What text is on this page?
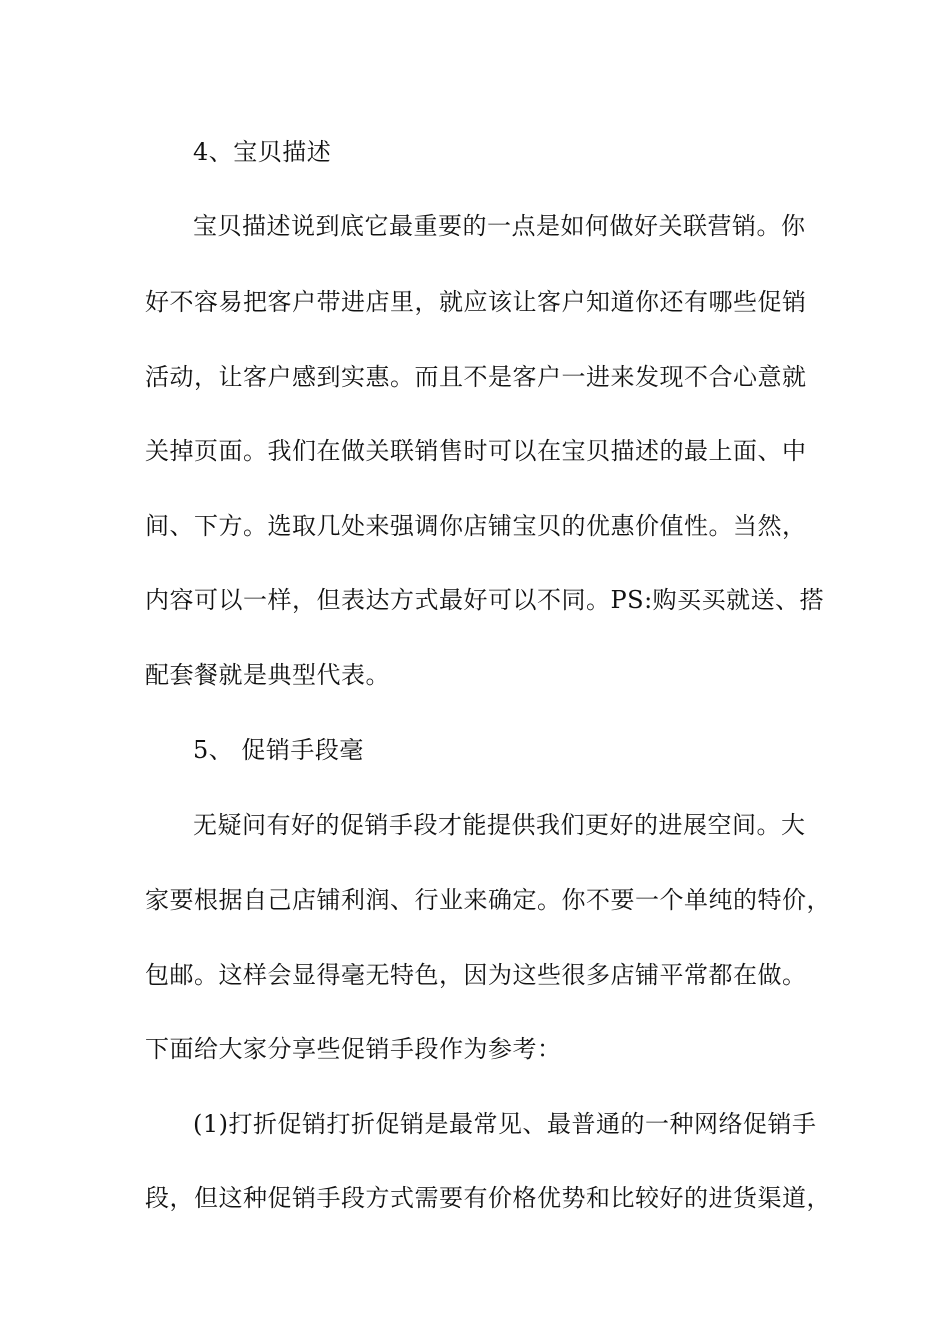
4、宝贝描述
宝贝描述说到底它最重要的一点是如何做好关联营销。你
好不容易把客户带进店里，就应该让客户知道你还有哪些促销
活动，让客户感到实惠。而且不是客户一进来发现不合心意就
关掉页面。我们在做关联销售时可以在宝贝描述的最上面、中
间、下方。选取几处来强调你店铺宝贝的优惠价值性。当然，
内容可以一样，但表达方式最好可以不同。PS:购买买就送、搭
配套餐就是典型代表。
5、 促销手段毫
无疑问有好的促销手段才能提供我们更好的进展空间。大
家要根据自己店铺利润、行业来确定。你不要一个单纯的特价，
包邮。这样会显得毫无特色，因为这些很多店铺平常都在做。
下面给大家分享些促销手段作为参考：
(1)打折促销打折促销是最常见、最普通的一种网络促销手
段，但这种促销手段方式需要有价格优势和比较好的进货渠道，
